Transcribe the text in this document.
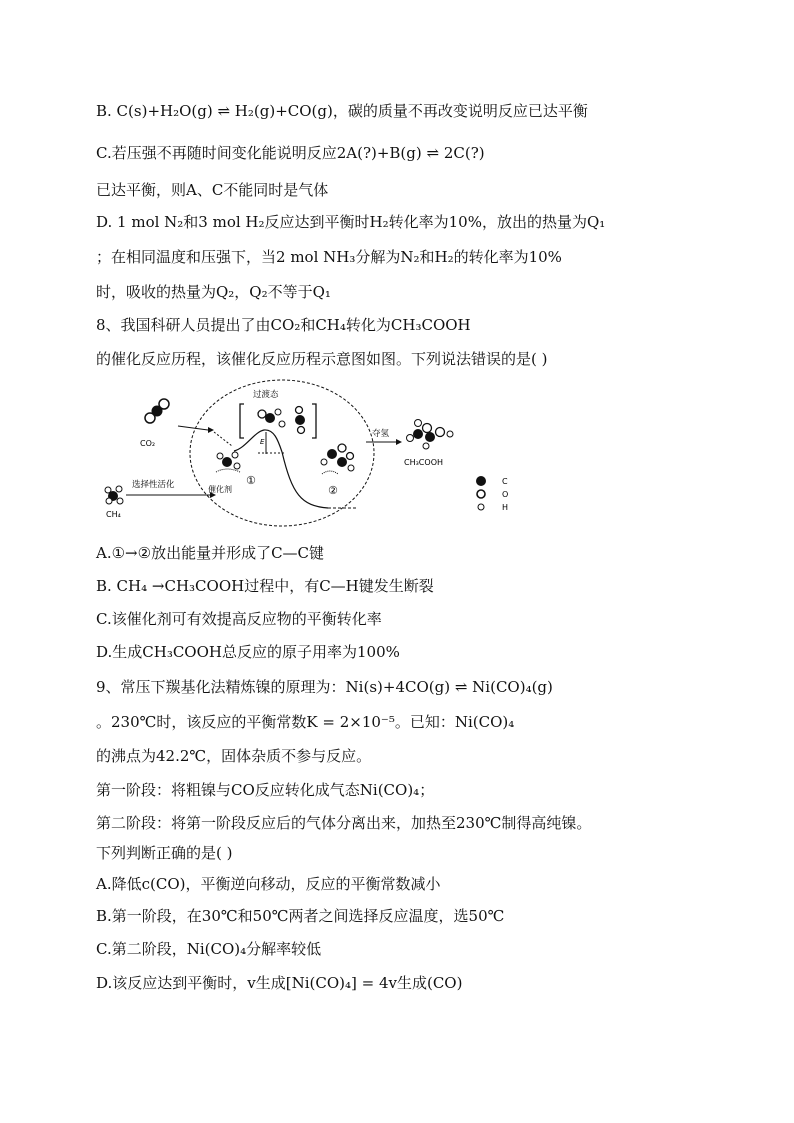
B. C(s)+H₂O(g) ⇌ H₂(g)+CO(g)，碳的质量不再改变说明反应已达平衡
C.若压强不再随时间变化能说明反应2A(?)+B(g) ⇌ 2C(?)
已达平衡，则A、C不能同时是气体
D. 1 mol N₂和3 mol H₂反应达到平衡时H₂转化率为10%，放出的热量为Q₁
；在相同温度和压强下，当2 mol NH₃分解为N₂和H₂的转化率为10%
时，吸收的热量为Q₂，Q₂不等于Q₁
8、我国科研人员提出了由CO₂和CH₄转化为CH₃COOH
的催化反应历程，该催化反应历程示意图如图。下列说法错误的是( )
CO₂
CH₄
选择性活化
E
过渡态
催化剂
①
②
夺氢
CH₃COOH
C
O
H
A.①→②放出能量并形成了C—C键
B. CH₄ →CH₃COOH过程中，有C—H键发生断裂
C.该催化剂可有效提高反应物的平衡转化率
D.生成CH₃COOH总反应的原子用率为100%
9、常压下羰基化法精炼镍的原理为：Ni(s)+4CO(g) ⇌ Ni(CO)₄(g)
。230℃时，该反应的平衡常数K = 2×10⁻⁵。已知：Ni(CO)₄
的沸点为42.2℃，固体杂质不参与反应。
第一阶段：将粗镍与CO反应转化成气态Ni(CO)₄；
第二阶段：将第一阶段反应后的气体分离出来，加热至230℃制得高纯镍。
下列判断正确的是( )
A.降低c(CO)，平衡逆向移动，反应的平衡常数减小
B.第一阶段，在30℃和50℃两者之间选择反应温度，选50℃
C.第二阶段，Ni(CO)₄分解率较低
D.该反应达到平衡时，v生成[Ni(CO)₄] = 4v生成(CO)
